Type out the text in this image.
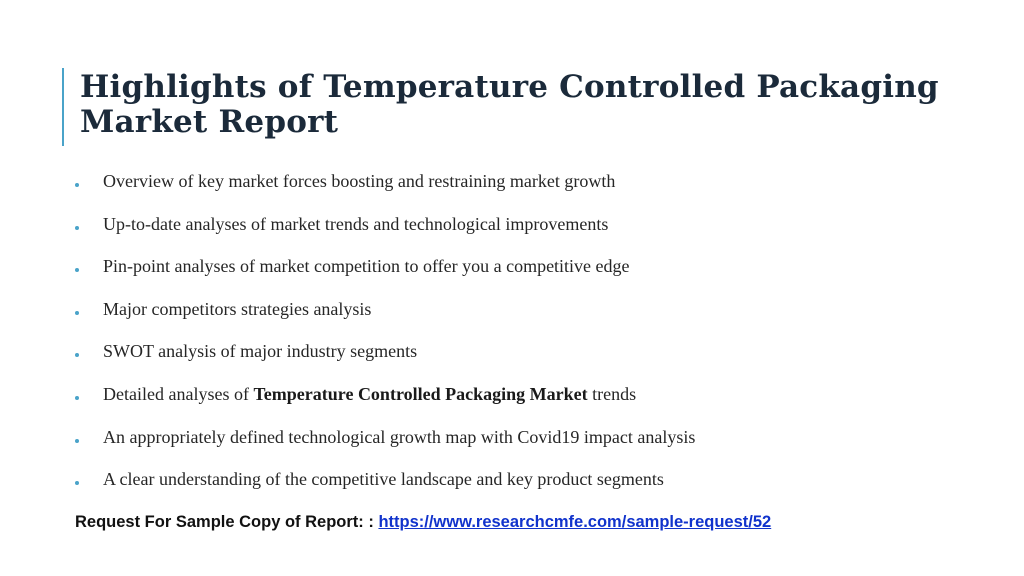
Highlights of Temperature Controlled Packaging Market Report
Overview of key market forces boosting and restraining market growth
Up-to-date analyses of market trends and technological improvements
Pin-point analyses of market competition to offer you a competitive edge
Major competitors strategies analysis
SWOT analysis of major industry segments
Detailed analyses of Temperature Controlled Packaging Market trends
An appropriately defined technological growth map with Covid19 impact analysis
A clear understanding of the competitive landscape and key product segments
Request For Sample Copy of Report: : https://www.researchcmfe.com/sample-request/52
